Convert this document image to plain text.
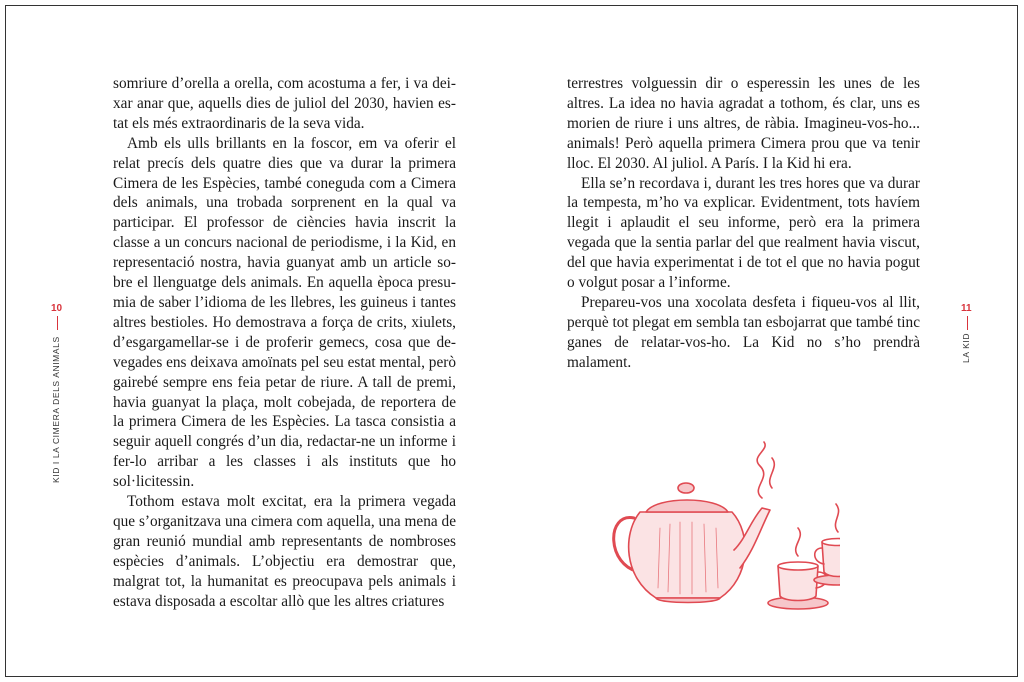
10
KID I LA CIMERA DELS ANIMALS

somriure d’orella a orella, com acostuma a fer, i va deixar anar que, aquells dies de juliol del 2030, havien estat els més extraordinaris de la seva vida.

Amb els ulls brillants en la foscor, em va oferir el relat precís dels quatre dies que va durar la primera Cimera de les Espècies, també coneguda com a Cimera dels animals, una trobada sorprenent en la qual va participar. El professor de ciències havia inscrit la classe a un concurs nacional de periodisme, i la Kid, en representació nostra, havia guanyat amb un article sobre el llenguatge dels animals. En aquella època presumia de saber l’idioma de les llebres, les guineus i tantes altres bestioles. Ho demostrava a força de crits, xiulets, d’esgargamellar-se i de proferir gemecs, cosa que de vegades ens deixava amoïnats pel seu estat mental, però gairebé sempre ens feia petar de riure. A tall de premi, havia guanyat la plaça, molt cobejada, de reportera de la primera Cimera de les Espècies. La tasca consistia a seguir aquell congrés d’un dia, redactar-ne un informe i fer-lo arribar a les classes i als instituts que ho sol·licitessin.

Tothom estava molt excitat, era la primera vegada que s’organitzava una cimera com aquella, una mena de gran reunió mundial amb representants de nombroses espècies d’animals. L’objectiu era demostrar que, malgrat tot, la humanitat es preocupava pels animals i estava disposada a escoltar allò que les altres criatures

11
LA KID

terrestres volguessin dir o esperessin les unes de les altres. La idea no havia agradat a tothom, és clar, uns es morien de riure i uns altres, de ràbia. Imagineu-vos-ho... animals! Però aquella primera Cimera prou que va tenir lloc. El 2030. Al juliol. A París. I la Kid hi era.

Ella se’n recordava i, durant les tres hores que va durar la tempesta, m’ho va explicar. Evidentment, tots havíem llegit i aplaudit el seu informe, però era la primera vegada que la sentia parlar del que realment havia viscut, del que havia experimentat i de tot el que no havia pogut o volgut posar a l’informe.

Prepareu-vos una xocolata desfeta i fiqueu-vos al llit, perquè tot plegat em sembla tan esbojarrat que també tinc ganes de relatar-vos-ho. La Kid no s’ho prendrà malament.
